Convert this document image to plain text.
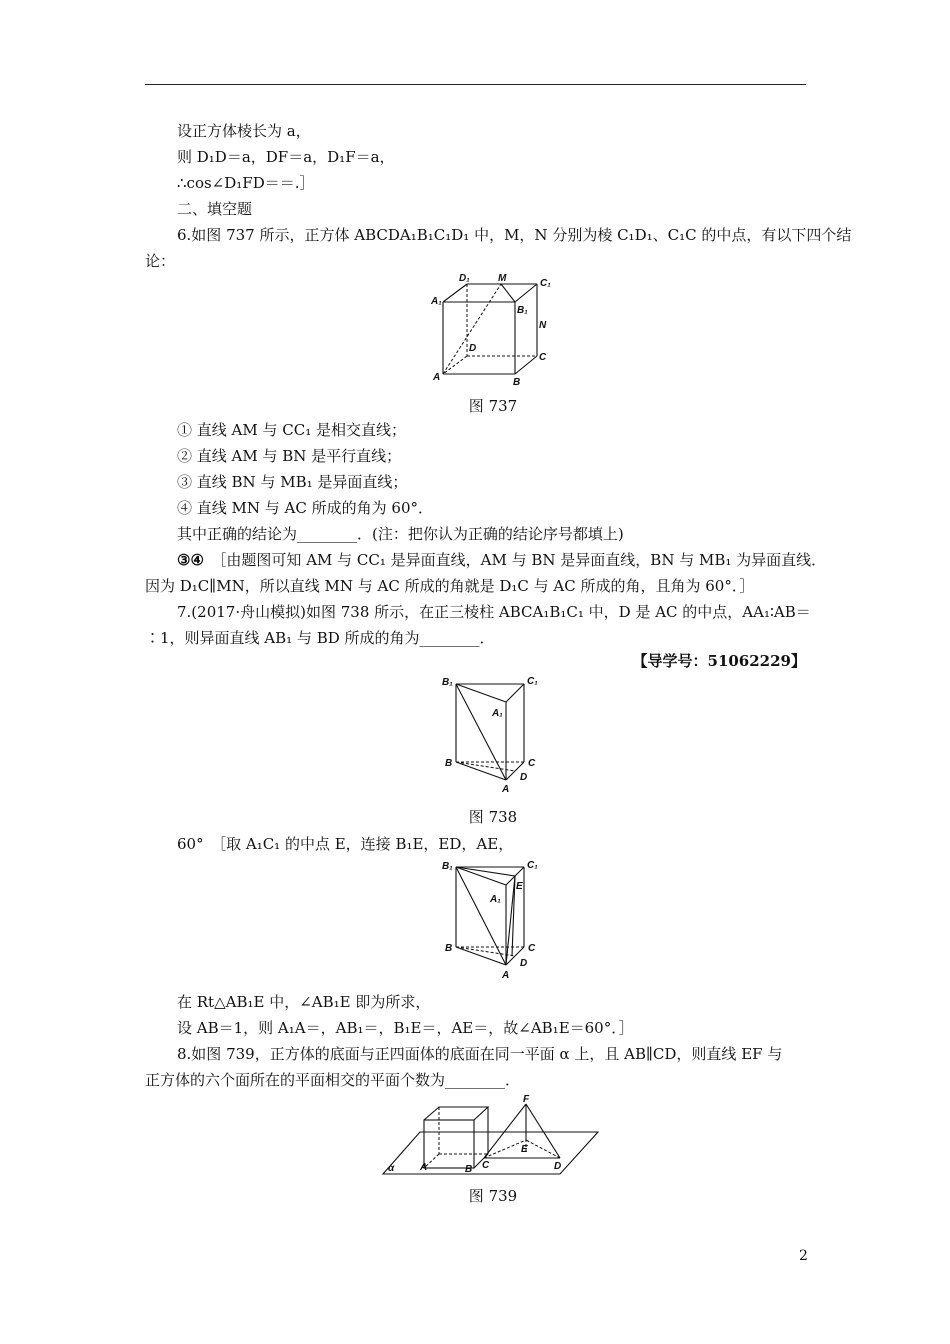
设正方体棱长为 a，
则 D₁D＝a，DF＝a，D₁F＝a，
∴cos∠D₁FD＝＝.］
二、填空题
6.如图 737 所示，正方体 ABCDA₁B₁C₁D₁ 中，M，N 分别为棱 C₁D₁、C₁C 的中点，有以下四个结
论：
D₁	M	C₁
A₁
B₁
N
D
C
A	B
图 737
① 直线 AM 与 CC₁ 是相交直线；
② 直线 AM 与 BN 是平行直线；
③ 直线 BN 与 MB₁ 是异面直线；
④ 直线 MN 与 AC 所成的角为 60°．
其中正确的结论为________．(注：把你认为正确的结论序号都填上)
③④　 ［由题图可知 AM 与 CC₁ 是异面直线，AM 与 BN 是异面直线，BN 与 MB₁ 为异面直线．
因为 D₁C∥MN，所以直线 MN 与 AC 所成的角就是 D₁C 与 AC 所成的角，且角为 60°．］
7.(2017·舟山模拟)如图 738 所示，在正三棱柱 ABCA₁B₁C₁ 中，D 是 AC 的中点，AA₁∶AB＝
∶1，则异面直线 AB₁ 与 BD 所成的角为________．
【导学号：51062229】
B₁	C₁
A₁
B	C
D
A
图 738
60°　［取 A₁C₁ 的中点 E，连接 B₁E，ED，AE，
B₁	C₁
E
A₁
B	C
D
A
在 Rt△AB₁E 中，∠AB₁E 即为所求，
设 AB＝1，则 A₁A＝，AB₁＝，B₁E＝，AE＝，故∠AB₁E＝60°．］
8.如图 739，正方体的底面与正四面体的底面在同一平面 α 上，且 AB∥CD，则直线 EF 与
正方体的六个面所在的平面相交的平面个数为________．
α	A	B
F
C
E
D
图 739
2
